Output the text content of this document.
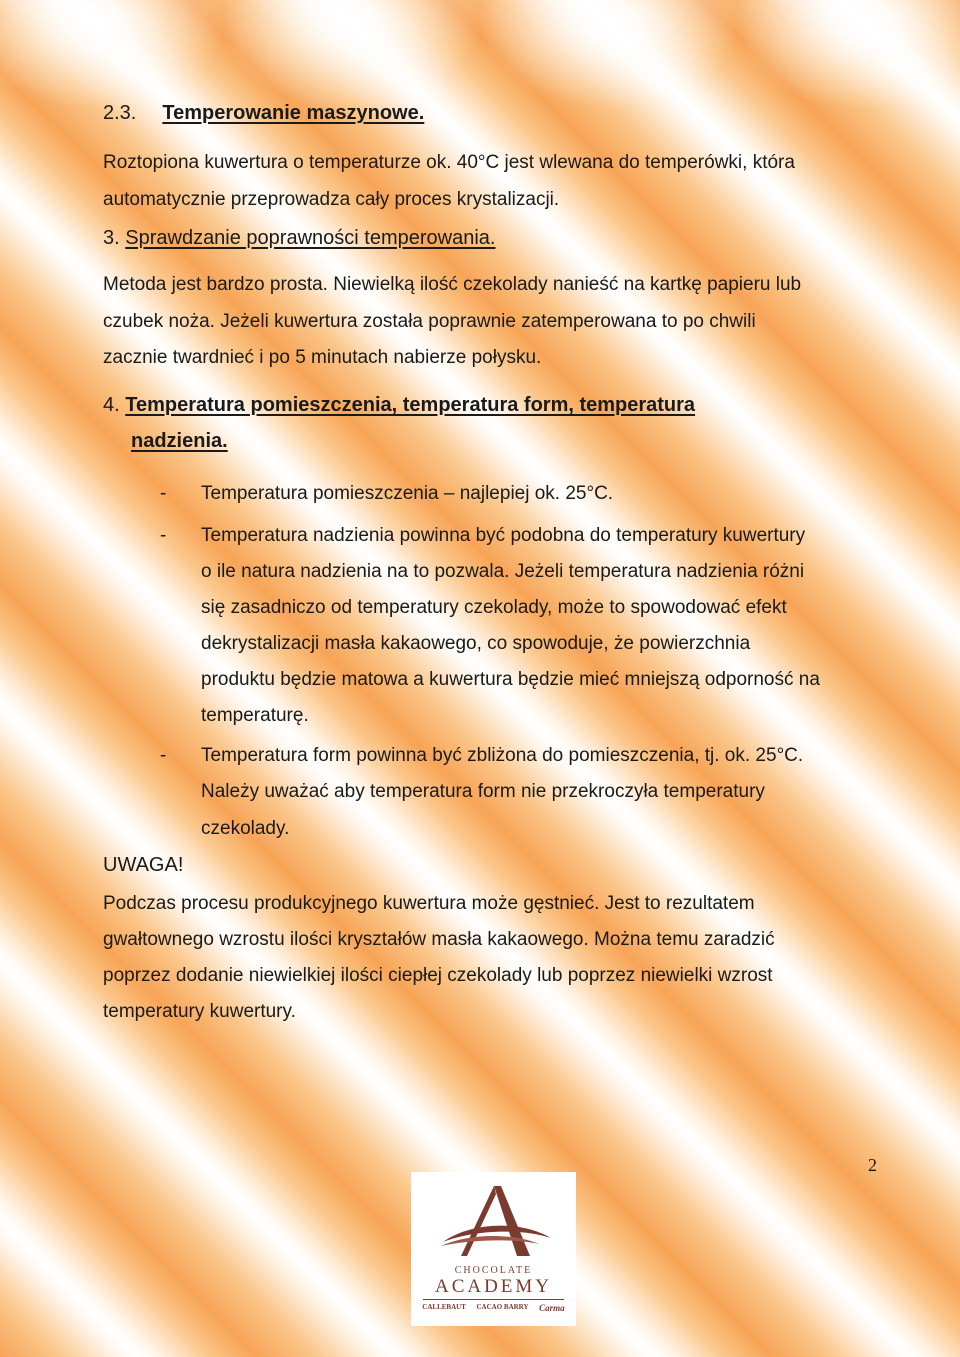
2.3. Temperowanie maszynowe.

Roztopiona kuwertura o temperaturze ok. 40°C jest wlewana do temperówki, która

automatycznie przeprowadza cały proces krystalizacji.

3. Sprawdzanie poprawności temperowania.

Metoda jest bardzo prosta. Niewielką ilość czekolady nanieść na kartkę papieru lub

czubek noża. Jeżeli kuwertura została poprawnie zatemperowana to po chwili

zacznie twardnieć i po 5 minutach nabierze połysku.

4. Temperatura pomieszczenia, temperatura form, temperatura
nadzienia.
- Temperatura pomieszczenia – najlepiej ok. 25°C.

- Temperatura nadzienia powinna być podobna do temperatury kuwertury

o ile natura nadzienia na to pozwala. Jeżeli temperatura nadzienia różni

się zasadniczo od temperatury czekolady, może to spowodować efekt

dekrystalizacji masła kakaowego, co spowoduje, że powierzchnia

produktu będzie matowa a kuwertura będzie mieć mniejszą odporność na

temperaturę.

- Temperatura form powinna być zbliżona do pomieszczenia, tj. ok. 25°C.

Należy uważać aby temperatura form nie przekroczyła temperatury

czekolady.

UWAGA!

Podczas procesu produkcyjnego kuwertura może gęstnieć. Jest to rezultatem

gwałtownego wzrostu ilości kryształów masła kakaowego. Można temu zaradzić

poprzez dodanie niewielkiej ilości ciepłej czekolady lub poprzez niewielki wzrost

temperatury kuwertury.

2
CHOCOLATE
ACADEMY
CALLEBAUT CACAO BARRY Carma
